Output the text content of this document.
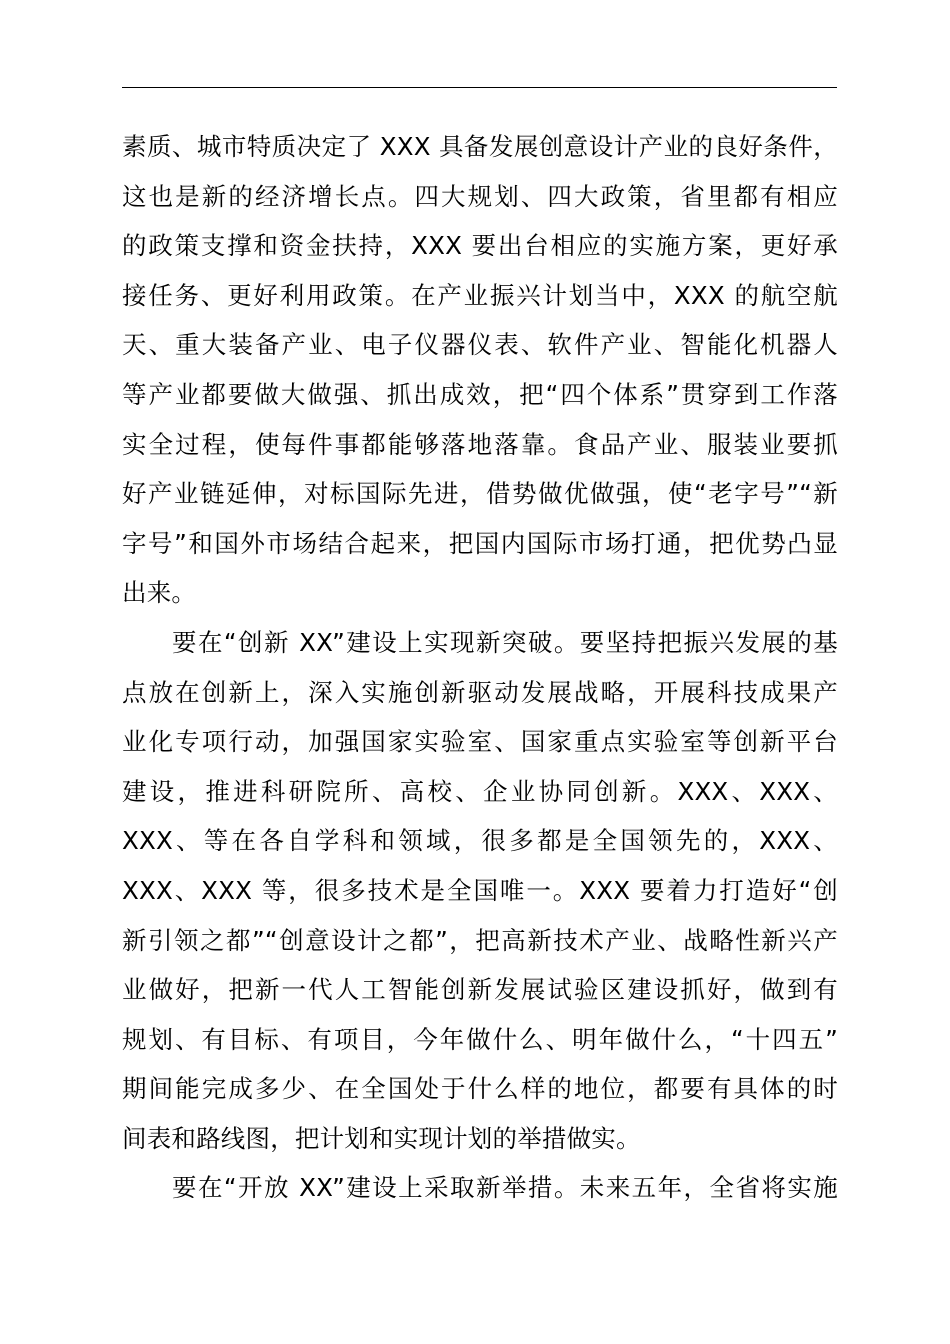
素质、城市特质决定了 XXX 具备发展创意设计产业的良好条件，
这也是新的经济增长点。四大规划、四大政策，省里都有相应
的政策支撑和资金扶持，XXX 要出台相应的实施方案，更好承
接任务、更好利用政策。在产业振兴计划当中，XXX 的航空航
天、重大装备产业、电子仪器仪表、软件产业、智能化机器人
等产业都要做大做强、抓出成效，把“四个体系”贯穿到工作落
实全过程，使每件事都能够落地落靠。食品产业、服装业要抓
好产业链延伸，对标国际先进，借势做优做强，使“老字号”“新
字号”和国外市场结合起来，把国内国际市场打通，把优势凸显
出来。
要在“创新 XX”建设上实现新突破。要坚持把振兴发展的基
点放在创新上，深入实施创新驱动发展战略，开展科技成果产
业化专项行动，加强国家实验室、国家重点实验室等创新平台
建设，推进科研院所、高校、企业协同创新。XXX、XXX、
XXX、等在各自学科和领域，很多都是全国领先的，XXX、
XXX、XXX 等，很多技术是全国唯一。XXX 要着力打造好“创
新引领之都”“创意设计之都”，把高新技术产业、战略性新兴产
业做好，把新一代人工智能创新发展试验区建设抓好，做到有
规划、有目标、有项目，今年做什么、明年做什么，“十四五”
期间能完成多少、在全国处于什么样的地位，都要有具体的时
间表和路线图，把计划和实现计划的举措做实。
要在“开放 XX”建设上采取新举措。未来五年，全省将实施
